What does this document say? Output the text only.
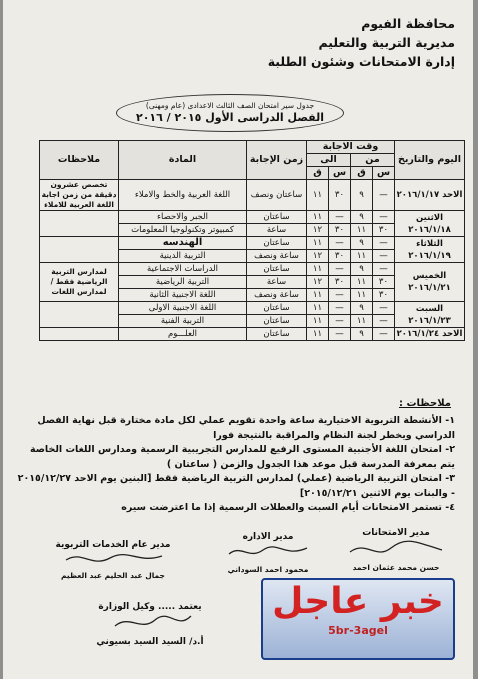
محافظة الفيوم
مديرية التربية والتعليم
إدارة الامتحانات وشئون الطلبة
جدول سير امتحان الصف الثالث الاعدادى (عام ومهنى)
الفصل الدراسى الأول ٢٠١٥ / ٢٠١٦
اليوم والتاريخ	وقت الاجابة				زمن الإجابة	المادة	ملاحظات
	من		الى				
	س	ق	س	ق			
الاحد ٢٠١٦/١/١٧	—	٩	٣٠	١١	ساعتان ونصف	اللغة العربية والخط والاملاء	تخصص عشرون دقيقة من زمن اجابة اللغة العربية للاملاء
الاثنين ٢٠١٦/١/١٨	—	٩	—	١١	ساعتان	الجبر والاحصاء	
	٣٠	١١	٣٠	١٢	ساعة	كمبيوتر وتكنولوجيا المعلومات	
الثلاثاء ٢٠١٦/١/١٩	—	٩	—	١١	ساعتان	الهندسه	
	—	١١	٣٠	١٢	ساعة ونصف	التربية الدينية	
الخميس ٢٠١٦/١/٢١	—	٩	—	١١	ساعتان	الدراسات الاجتماعية	لمدارس التربية الرياضية فقط / لمدارس اللغات
	٣٠	١١	٣٠	١٢	ساعة	التربية الرياضية	
	٣٠	١١	—	١١	ساعة ونصف	اللغة الاجنبية الثانية	
السبت ٢٠١٦/١/٢٣	—	٩	—	١١	ساعتان	اللغة الاجنبية الاولى	
	—	١١	—	١١	ساعتان	التربية الفنية	
الاحد ٢٠١٦/١/٢٤	—	٩	—	١١	ساعتان	العلـــوم	
ملاحظات :
١- الأنشطة التربوية الاختيارية ساعة واحدة تقويم عملي لكل مادة مختارة قبل نهاية الفصل الدراسي ويخطر لجنة النظام والمراقبة بالنتيجة فورا
٢- امتحان اللغة الأجنبية المستوى الرفيع للمدارس التجريبية الرسمية ومدارس اللغات الخاصة يتم بمعرفة المدرسة قبل موعد هذا الجدول والزمن ( ساعتان )
٣- امتحان التربية الرياضية (عملي) لمدارس التربية الرياضية فقط [البنين يوم الاحد ٢٠١٥/١٢/٢٧ - والبنات يوم الاثنين ٢٠١٥/١٢/٢١]
٤- تستمر الامتحانات أيام السبت والعطلات الرسمية إذا ما اعترضت سيره
مدير الامتحانات
حسن محمد عثمان احمد
مدير الاداره
محمود احمد السوداني
مدير عام الخدمات التربوية
جمال عبد الحليم عبد العظيم
يعتمد ..... وكيل الوزارة
أ.د/ السيد السيد بسيوني
خبر عاجل
5br-3agel
